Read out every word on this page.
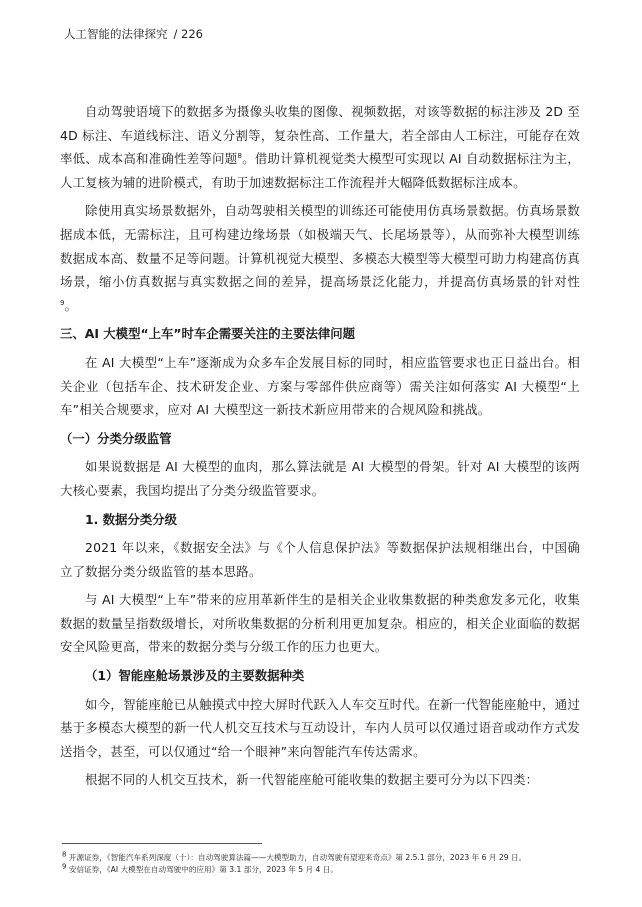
人工智能的法律探究 / 226

自动驾驶语境下的数据多为摄像头收集的图像、视频数据，对该等数据的标注涉及 2D 至 4D 标注、车道线标注、语义分割等，复杂性高、工作量大，若全部由人工标注，可能存在效率低、成本高和准确性差等问题$^8$。借助计算机视觉类大模型可实现以 AI 自动数据标注为主，人工复核为辅的进阶模式，有助于加速数据标注工作流程并大幅降低数据标注成本。

除使用真实场景数据外，自动驾驶相关模型的训练还可能使用仿真场景数据。仿真场景数据成本低，无需标注，且可构建边缘场景（如极端天气、长尾场景等），从而弥补大模型训练数据成本高、数量不足等问题。计算机视觉大模型、多模态大模型等大模型可助力构建高仿真场景，缩小仿真数据与真实数据之间的差异，提高场景泛化能力，并提高仿真场景的针对性$^9$。

三、AI 大模型“上车”时车企需要关注的主要法律问题

在 AI 大模型“上车”逐渐成为众多车企发展目标的同时，相应监管要求也正日益出台。相关企业（包括车企、技术研发企业、方案与零部件供应商等）需关注如何落实 AI 大模型“上车”相关合规要求，应对 AI 大模型这一新技术新应用带来的合规风险和挑战。

（一）分类分级监管

如果说数据是 AI 大模型的血肉，那么算法就是 AI 大模型的骨架。针对 AI 大模型的该两大核心要素，我国均提出了分类分级监管要求。

1. 数据分类分级

2021 年以来，《数据安全法》与《个人信息保护法》等数据保护法规相继出台，中国确立了数据分类分级监管的基本思路。

与 AI 大模型“上车”带来的应用革新伴生的是相关企业收集数据的种类愈发多元化，收集数据的数量呈指数级增长，对所收集数据的分析利用更加复杂。相应的，相关企业面临的数据安全风险更高，带来的数据分类与分级工作的压力也更大。

（1）智能座舱场景涉及的主要数据种类

如今，智能座舱已从触摸式中控大屏时代跃入人车交互时代。在新一代智能座舱中，通过基于多模态大模型的新一代人机交互技术与互动设计，车内人员可以仅通过语音或动作方式发送指令，甚至，可以仅通过“给一个眼神”来向智能汽车传达需求。

根据不同的人机交互技术，新一代智能座舱可能收集的数据主要可分为以下四类：

$^8$ 开源证券，《智能汽车系列深度（十）：自动驾驶算法篇——大模型助力，自动驾驶有望迎来奇点》第 2.5.1 部分，2023 年 6 月 29 日。
$^9$ 安信证券，《AI 大模型在自动驾驶中的应用》第 3.1 部分，2023 年 5 月 4 日。
